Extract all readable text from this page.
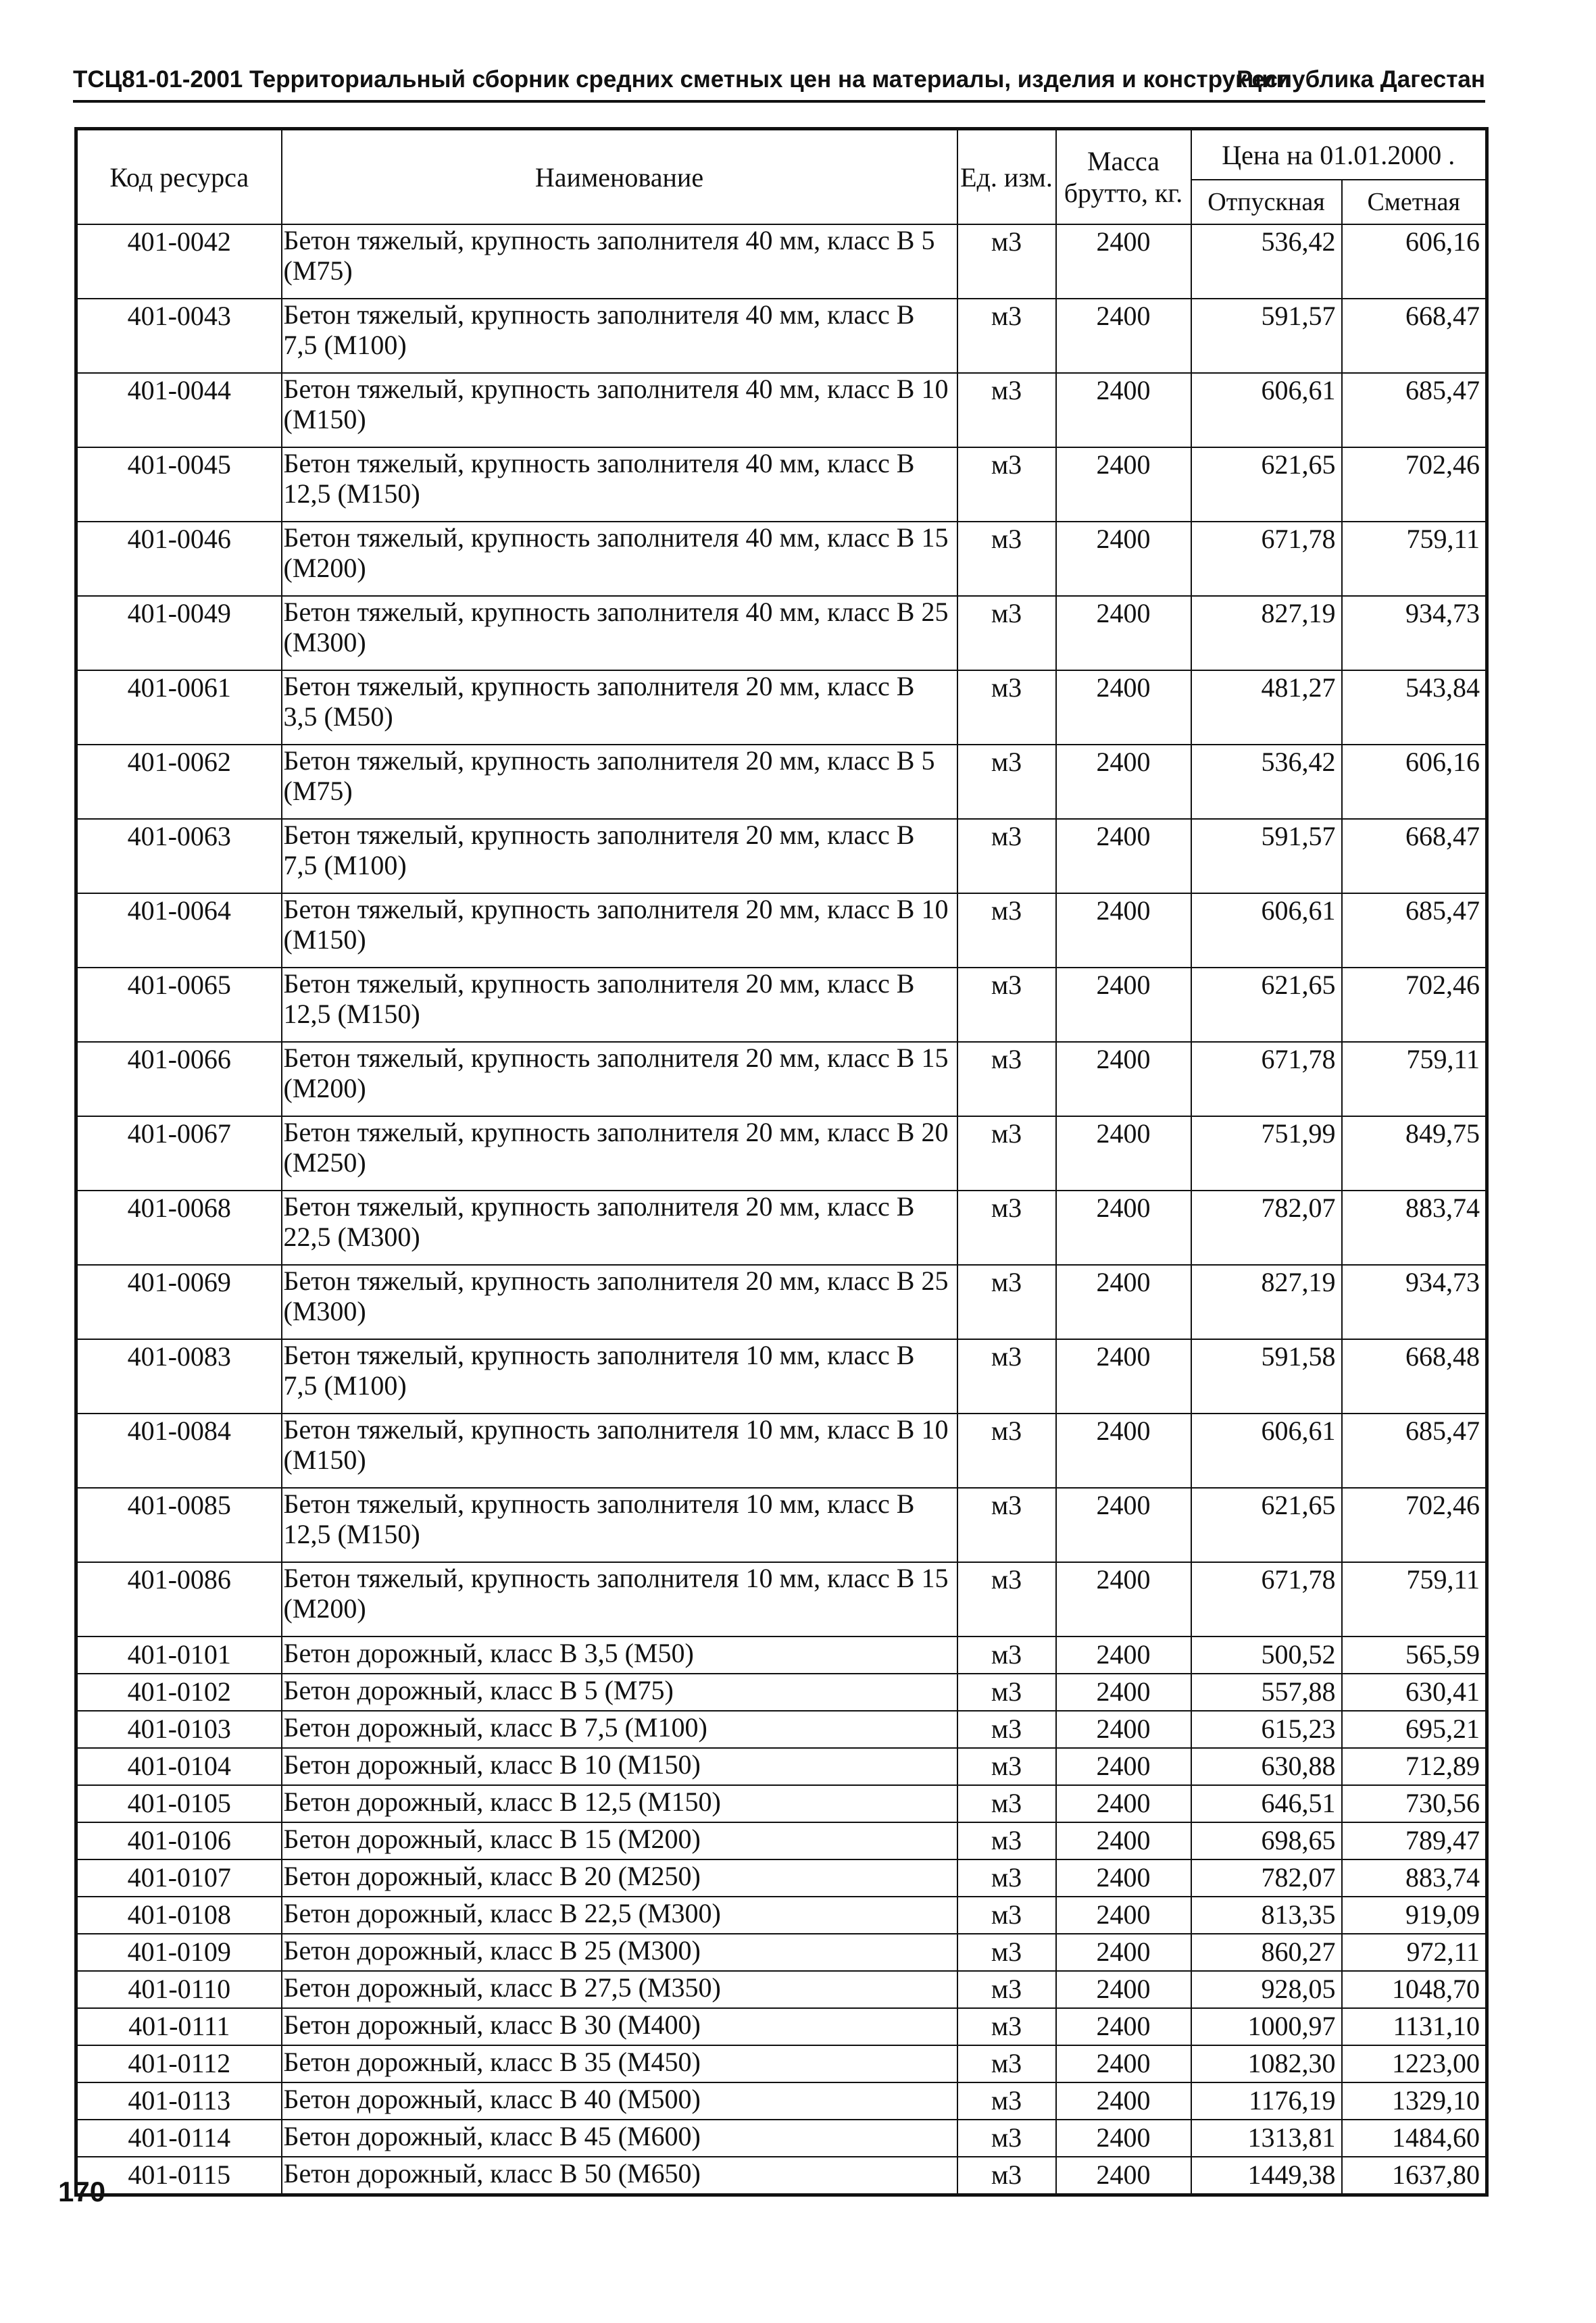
ТСЦ81-01-2001 Территориальный сборник средних сметных цен на материалы, изделия и конструкции
Республика Дагестан
Код ресурса	Наименование	Ед. изм.	Масса брутто, кг.	Цена на 01.01.2000 .	
				Отпускная	Сметная
401-0042	Бетон тяжелый, крупность заполнителя 40 мм, класс В 5 (М75)	м3	2400	536,42	606,16
401-0043	Бетон тяжелый, крупность заполнителя 40 мм, класс В 7,5 (М100)	м3	2400	591,57	668,47
401-0044	Бетон тяжелый, крупность заполнителя 40 мм, класс В 10 (М150)	м3	2400	606,61	685,47
401-0045	Бетон тяжелый, крупность заполнителя 40 мм, класс В 12,5 (М150)	м3	2400	621,65	702,46
401-0046	Бетон тяжелый, крупность заполнителя 40 мм, класс В 15 (М200)	м3	2400	671,78	759,11
401-0049	Бетон тяжелый, крупность заполнителя 40 мм, класс В 25 (М300)	м3	2400	827,19	934,73
401-0061	Бетон тяжелый, крупность заполнителя 20 мм, класс В 3,5 (М50)	м3	2400	481,27	543,84
401-0062	Бетон тяжелый, крупность заполнителя 20 мм, класс В 5 (М75)	м3	2400	536,42	606,16
401-0063	Бетон тяжелый, крупность заполнителя 20 мм, класс В 7,5 (М100)	м3	2400	591,57	668,47
401-0064	Бетон тяжелый, крупность заполнителя 20 мм, класс В 10 (М150)	м3	2400	606,61	685,47
401-0065	Бетон тяжелый, крупность заполнителя 20 мм, класс В 12,5 (М150)	м3	2400	621,65	702,46
401-0066	Бетон тяжелый, крупность заполнителя 20 мм, класс В 15 (М200)	м3	2400	671,78	759,11
401-0067	Бетон тяжелый, крупность заполнителя 20 мм, класс В 20 (М250)	м3	2400	751,99	849,75
401-0068	Бетон тяжелый, крупность заполнителя 20 мм, класс В 22,5 (М300)	м3	2400	782,07	883,74
401-0069	Бетон тяжелый, крупность заполнителя 20 мм, класс В 25 (М300)	м3	2400	827,19	934,73
401-0083	Бетон тяжелый, крупность заполнителя 10 мм, класс В 7,5 (М100)	м3	2400	591,58	668,48
401-0084	Бетон тяжелый, крупность заполнителя 10 мм, класс В 10 (М150)	м3	2400	606,61	685,47
401-0085	Бетон тяжелый, крупность заполнителя 10 мм, класс В 12,5 (М150)	м3	2400	621,65	702,46
401-0086	Бетон тяжелый, крупность заполнителя 10 мм, класс В 15 (М200)	м3	2400	671,78	759,11
401-0101	Бетон дорожный, класс В 3,5 (М50)	м3	2400	500,52	565,59
401-0102	Бетон дорожный, класс В 5 (М75)	м3	2400	557,88	630,41
401-0103	Бетон дорожный, класс В 7,5 (М100)	м3	2400	615,23	695,21
401-0104	Бетон дорожный, класс В 10 (М150)	м3	2400	630,88	712,89
401-0105	Бетон дорожный, класс В 12,5 (М150)	м3	2400	646,51	730,56
401-0106	Бетон дорожный, класс В 15 (М200)	м3	2400	698,65	789,47
401-0107	Бетон дорожный, класс В 20 (М250)	м3	2400	782,07	883,74
401-0108	Бетон дорожный, класс В 22,5 (М300)	м3	2400	813,35	919,09
401-0109	Бетон дорожный, класс В 25 (М300)	м3	2400	860,27	972,11
401-0110	Бетон дорожный, класс В 27,5 (М350)	м3	2400	928,05	1048,70
401-0111	Бетон дорожный, класс В 30 (М400)	м3	2400	1000,97	1131,10
401-0112	Бетон дорожный, класс В 35 (М450)	м3	2400	1082,30	1223,00
401-0113	Бетон дорожный, класс В 40 (М500)	м3	2400	1176,19	1329,10
401-0114	Бетон дорожный, класс В 45 (М600)	м3	2400	1313,81	1484,60
401-0115	Бетон дорожный, класс В 50 (М650)	м3	2400	1449,38	1637,80
170
